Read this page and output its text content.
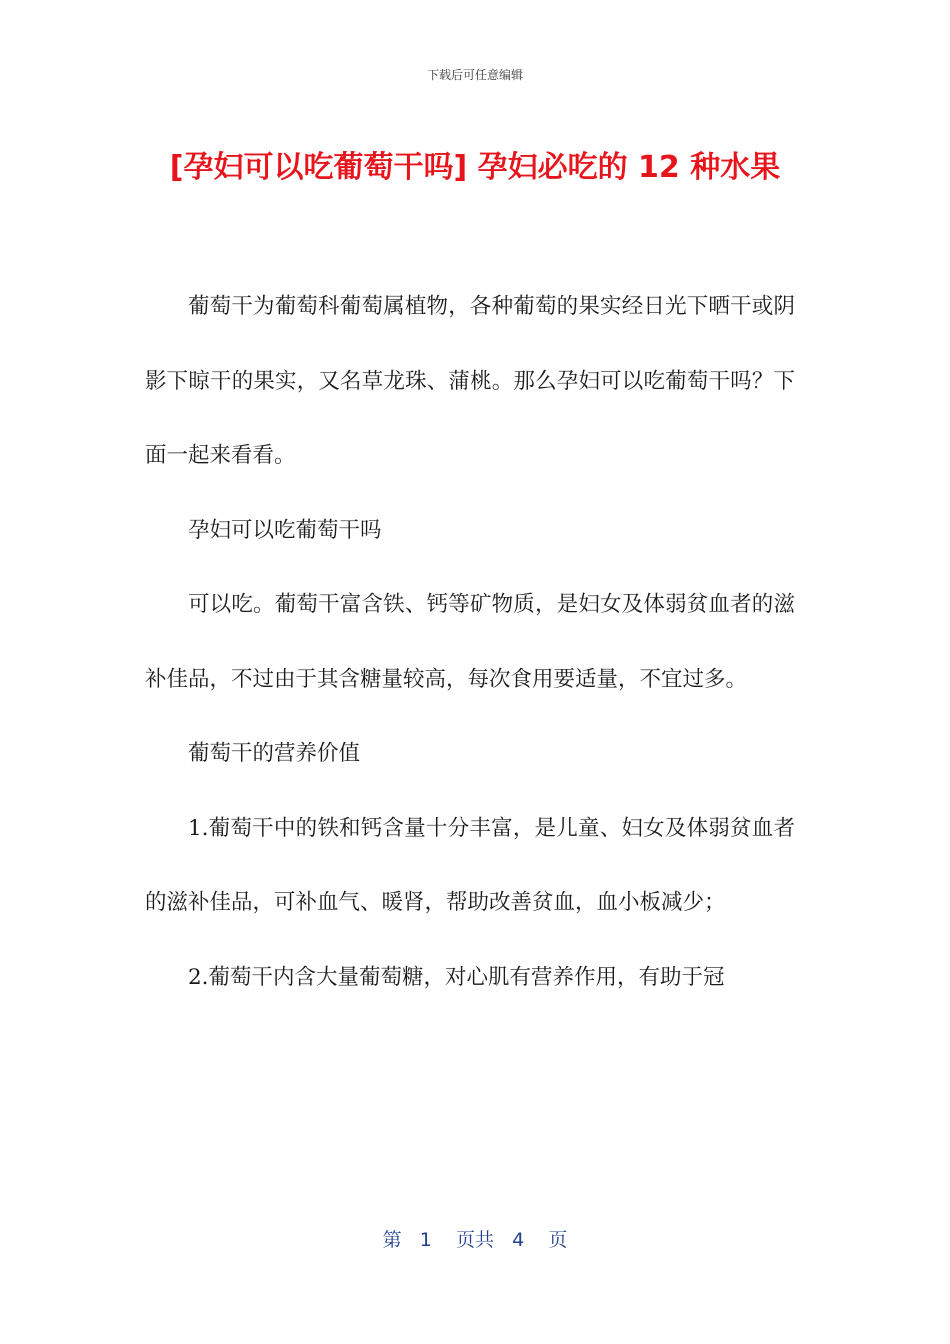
下载后可任意编辑
[孕妇可以吃葡萄干吗] 孕妇必吃的 12 种水果

葡萄干为葡萄科葡萄属植物，各种葡萄的果实经日光下晒干或阴影下晾干的果实，又名草龙珠、蒲桃。那么孕妇可以吃葡萄干吗？下面一起来看看。

孕妇可以吃葡萄干吗

可以吃。葡萄干富含铁、钙等矿物质，是妇女及体弱贫血者的滋补佳品，不过由于其含糖量较高，每次食用要适量，不宜过多。

葡萄干的营养价值

1.葡萄干中的铁和钙含量十分丰富，是儿童、妇女及体弱贫血者的滋补佳品，可补血气、暖肾，帮助改善贫血，血小板减少；

2.葡萄干内含大量葡萄糖，对心肌有营养作用，有助于冠

第 1 页共 4 页
